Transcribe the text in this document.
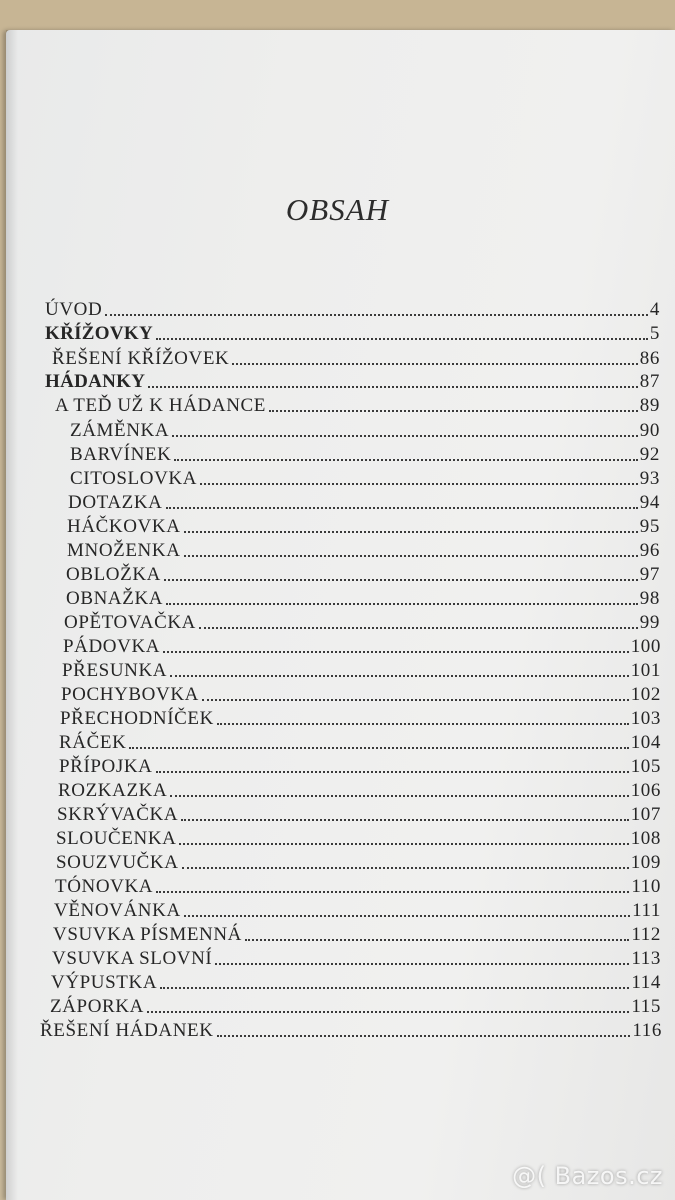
OBSAH
ÚVOD	4
KŘÍŽOVKY	5
ŘEŠENÍ KŘÍŽOVEK	86
HÁDANKY	87
A TEĎ UŽ K HÁDANCE	89
ZÁMĚNKA	90
BARVÍNEK	92
CITOSLOVKA	93
DOTAZKA	94
HÁČKOVKA	95
MNOŽENKA	96
OBLOŽKA	97
OBNAŽKA	98
OPĚTOVAČKA	99
PÁDOVKA	100
PŘESUNKA	101
POCHYBOVKA	102
PŘECHODNÍČEK	103
RÁČEK	104
PŘÍPOJKA	105
ROZKAZKA	106
SKRÝVAČKA	107
SLOUČENKA	108
SOUZVUČKA	109
TÓNOVKA	110
VĚNOVÁNKA	111
VSUVKA PÍSMENNÁ	112
VSUVKA SLOVNÍ	113
VÝPUSTKA	114
ZÁPORKA	115
ŘEŠENÍ HÁDANEK	116
@( Bazos.cz
